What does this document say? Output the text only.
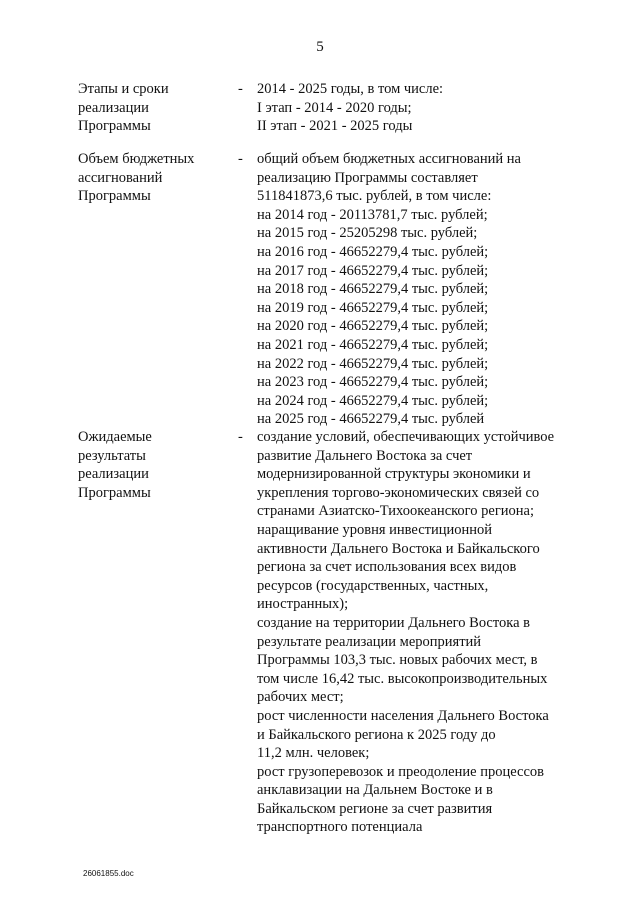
5
Этапы и сроки
реализации
Программы
- 2014 - 2025 годы, в том числе:
I этап - 2014 - 2020 годы;
II этап - 2021 - 2025 годы
Объем бюджетных
ассигнований
Программы
- общий объем бюджетных ассигнований на
реализацию Программы составляет
511841873,6 тыс. рублей, в том числе:
на 2014 год - 20113781,7 тыс. рублей;
на 2015 год - 25205298 тыс. рублей;
на 2016 год - 46652279,4 тыс. рублей;
на 2017 год - 46652279,4 тыс. рублей;
на 2018 год - 46652279,4 тыс. рублей;
на 2019 год - 46652279,4 тыс. рублей;
на 2020 год - 46652279,4 тыс. рублей;
на 2021 год - 46652279,4 тыс. рублей;
на 2022 год - 46652279,4 тыс. рублей;
на 2023 год - 46652279,4 тыс. рублей;
на 2024 год - 46652279,4 тыс. рублей;
на 2025 год - 46652279,4 тыс. рублей
Ожидаемые
результаты
реализации
Программы
- создание условий, обеспечивающих устойчивое
развитие Дальнего Востока за счет
модернизированной структуры экономики и
укрепления торгово-экономических связей со
странами Азиатско-Тихоокеанского региона;
наращивание уровня инвестиционной
активности Дальнего Востока и Байкальского
региона за счет использования всех видов
ресурсов (государственных, частных,
иностранных);
создание на территории Дальнего Востока в
результате реализации мероприятий
Программы 103,3 тыс. новых рабочих мест, в
том числе 16,42 тыс. высокопроизводительных
рабочих мест;
рост численности населения Дальнего Востока
и Байкальского региона к 2025 году до
11,2 млн. человек;
рост грузоперевозок и преодоление процессов
анклавизации на Дальнем Востоке и в
Байкальском регионе за счет развития
транспортного потенциала
26061855.doc
